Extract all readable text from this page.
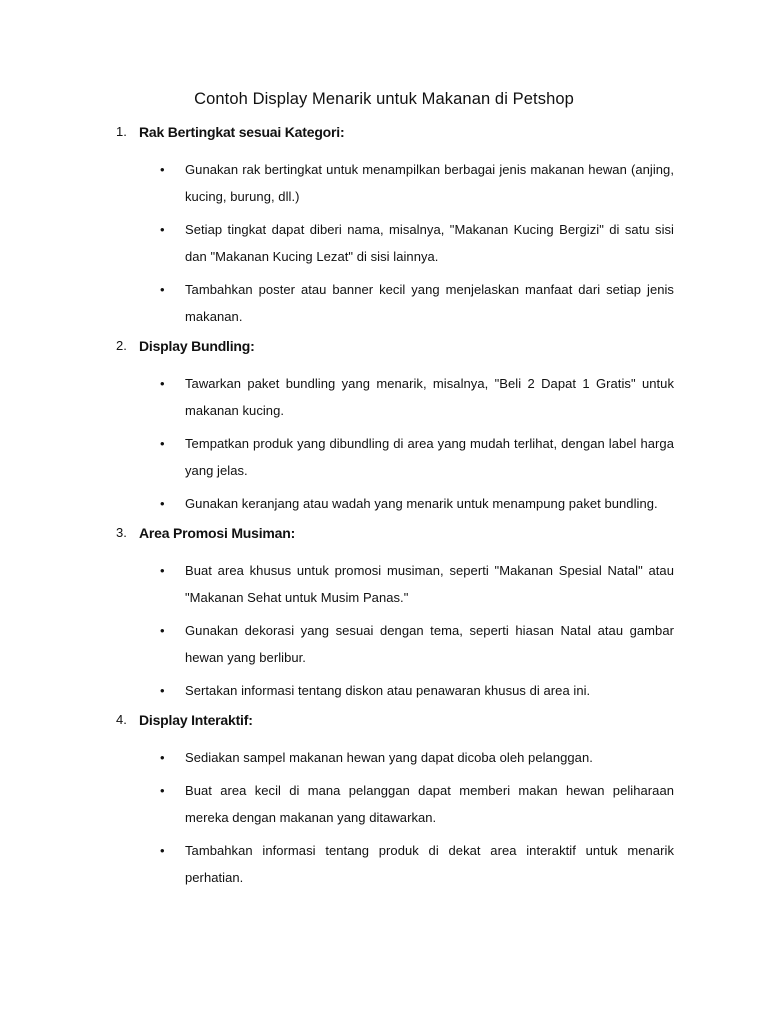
Contoh Display Menarik untuk Makanan di Petshop
1. Rak Bertingkat sesuai Kategori:
• Gunakan rak bertingkat untuk menampilkan berbagai jenis makanan hewan (anjing, kucing, burung, dll.)
• Setiap tingkat dapat diberi nama, misalnya, "Makanan Kucing Bergizi" di satu sisi dan "Makanan Kucing Lezat" di sisi lainnya.
• Tambahkan poster atau banner kecil yang menjelaskan manfaat dari setiap jenis makanan.
2. Display Bundling:
• Tawarkan paket bundling yang menarik, misalnya, "Beli 2 Dapat 1 Gratis" untuk makanan kucing.
• Tempatkan produk yang dibundling di area yang mudah terlihat, dengan label harga yang jelas.
• Gunakan keranjang atau wadah yang menarik untuk menampung paket bundling.
3. Area Promosi Musiman:
• Buat area khusus untuk promosi musiman, seperti "Makanan Spesial Natal" atau "Makanan Sehat untuk Musim Panas."
• Gunakan dekorasi yang sesuai dengan tema, seperti hiasan Natal atau gambar hewan yang berlibur.
• Sertakan informasi tentang diskon atau penawaran khusus di area ini.
4. Display Interaktif:
• Sediakan sampel makanan hewan yang dapat dicoba oleh pelanggan.
• Buat area kecil di mana pelanggan dapat memberi makan hewan peliharaan mereka dengan makanan yang ditawarkan.
• Tambahkan informasi tentang produk di dekat area interaktif untuk menarik perhatian.
